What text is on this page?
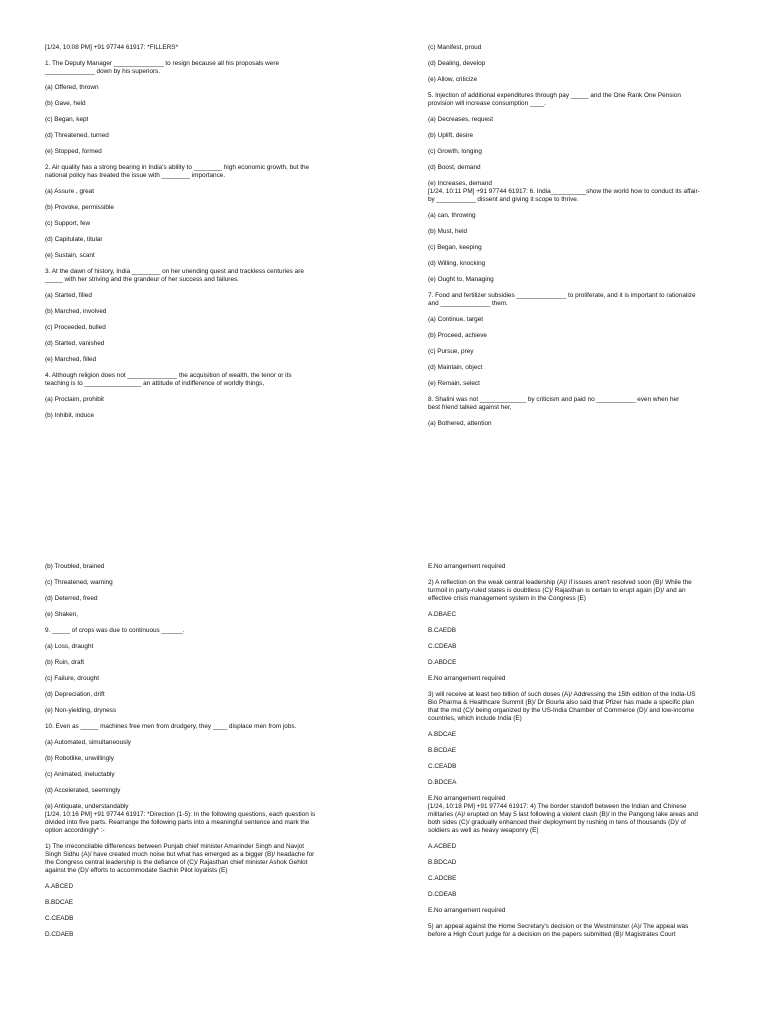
[1/24, 10:08 PM] +91 97744 61917: *FILLERS*

1. The Deputy Manager ______________ to resign because all his proposals were
______________ down by his superiors.

(a) Offered, thrown

(b) Gave, held

(c) Began, kept

(d) Threatened, turned

(e) Stopped, formed

2. Air quality has a strong bearing in India's ability to ________ high economic growth, but the
national policy has treated the issue with ________ importance.

(a) Assure , great

(b) Provoke, permissible

(c) Support, few

(d) Capitulate, titular

(e) Sustain, scant

3. At the dawn of history, India ________ on her unending quest and trackless centuries are
_____ with her striving and the grandeur of her success and failures.

(a) Started, filled

(b) Marched, involved

(c) Proceeded, bulled

(d) Started, vanished

(e) Marched, filled

4. Although religion does not ______________ the acquisition of wealth, the tenor or its
teaching is to ________________ an attitude of indifference of worldly things,

(a) Proclaim, prohibit

(b) Inhibit, induce

(c) Manifest, proud

(d) Dealing, develop

(e) Allow, criticize

5. Injection of additional expenditures through pay _____ and the One Rank One Pension
provision will increase consumption ____.

(a) Decreases, request

(b) Uplift, desire

(c) Growth, longing

(d) Boost, demand

(e) Increases, demand
[1/24, 10:11 PM] +91 97744 61917: 6. India__________show the world how to conduct its affair-
by ___________ dissent and giving it scope to thrive.

(a) can, throwing

(b) Must, held

(c) Began, keeping

(d) Willing, knocking

(e) Ought to, Managing

7. Food and fertilizer subsidies ______________ to proliferate, and it is important to rationalize
and ______________ them.

(a) Continue, target

(b) Proceed, achieve

(c) Pursue, prey

(d) Maintain, object

(e) Remain, select

8. Shalini was not _____________ by criticism and paid no ___________ even when her
best friend talked against her,

(a) Bothered, attention

(b) Troubled, brained

(c) Threatened, warning

(d) Deterred, freed

(e) Shaken,

9. _____ of crops was due to continuous ______.

(a) Loss, draught

(b) Ruin, draft

(c) Failure, drought

(d) Depreciation, drift

(e) Non-yielding, dryness

10. Even as _____ machines free men from drudgery, they ____ displace men from jobs.

(a) Automated, simultaneously

(b) Robotlike, unwillingly

(c) Animated, ineluctably

(d) Accelerated, seemingly

(e) Antiquate, understandably
[1/24, 10:16 PM] +91 97744 61917: *Direction (1-5): In the following questions, each question is
divided into five parts. Rearrange the following parts into a meaningful sentence and mark the
option accordingly* :-

1) The irreconcilable differences between Punjab chief minister Amarinder Singh and Navjot
Singh Sidhu (A)/ have created much noise but what has emerged as a bigger (B)/ headache for
the Congress central leadership is the defiance of (C)/ Rajasthan chief minister Ashok Gehlot
against the (D)/ efforts to accommodate Sachin Pilot loyalists (E)

A.ABCED

B.BDCAE

C.CEADB

D.CDAEB

E.No arrangement required

2) A reflection on the weak central leadership (A)/ if issues aren't resolved soon (B)/ While the
turmoil in party-ruled states is doubtless (C)/ Rajasthan is certain to erupt again (D)/ and an
effective crisis management system in the Congress (E)

A.DBAEC

B.CAEDB

C.CDEAB

D.ABDCE

E.No arrangement required

3) will receive at least two billion of such doses (A)/ Addressing the 15th edition of the India-US
Bio Pharma & Healthcare Summit (B)/ Dr Bourla also said that Pfizer has made a specific plan
that the mid (C)/ being organized by the US-India Chamber of Commerce (D)/ and low-income
countries, which include India (E)

A.BDCAE

B.BCDAE

C.CEADB

D.BDCEA

E.No arrangement required
[1/24, 10:18 PM] +91 97744 61917: 4) The border standoff between the Indian and Chinese
militaries (A)/ erupted on May 5 last following a violent clash (B)/ in the Pangong lake areas and
both sides (C)/ gradually enhanced their deployment by rushing in tens of thousands (D)/ of
soldiers as well as heavy weaponry (E)

A.ACBED

B.BDCAD

C.ADCBE

D.CDEAB

E.No arrangement required

5) an appeal against the Home Secretary's decision or the Westminster (A)/ The appeal was
before a High Court judge for a decision on the papers submitted (B)/ Magistrates Court
